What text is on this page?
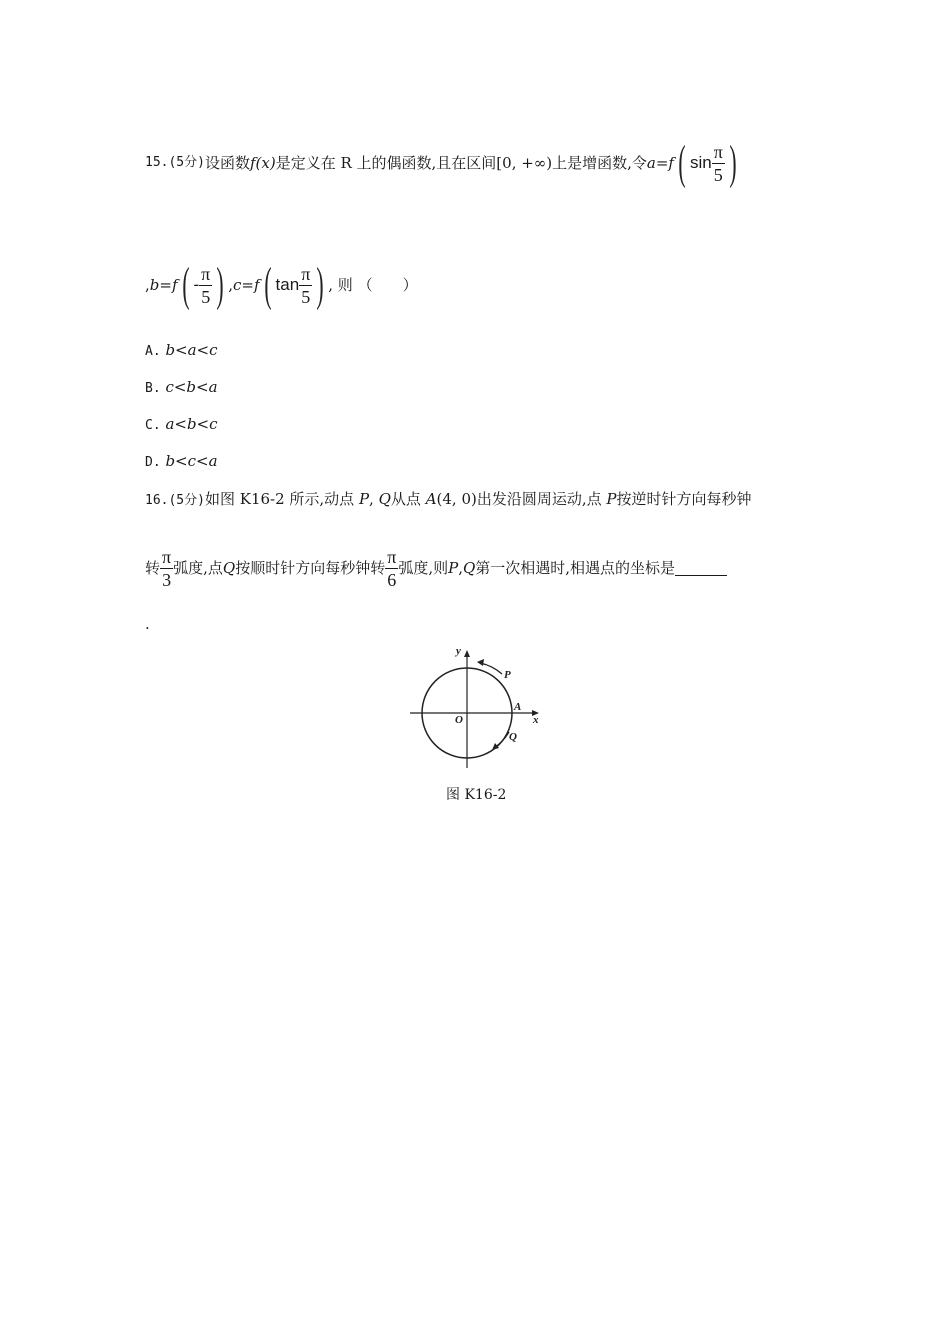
15. (5分) 设函数 f(x) 是定义在 R 上的偶函数,且在区间[0, +∞)上是增函数,令 a=f ( $\sin \frac{\pi}{5}$ )
, b=f ( - $\frac{\pi}{5}$ ) , c=f ( $\tan \frac{\pi}{5}$ ) , 则 （　　）
A. b<a<c
B. c<b<a
C. a<b<c
D. b<c<a
16.(5分)如图 K16-2 所示,动点 P, Q从点 A(4, 0)出发沿圆周运动,点 P按逆时针方向每秒钟
转 $\frac{\pi}{3}$ 弧度,点 Q 按顺时针方向每秒钟转 $\frac{\pi}{6}$ 弧度,则 P , Q 第一次相遇时,相遇点的坐标是
.
y
x
O
A
P
Q
图 K16-2
